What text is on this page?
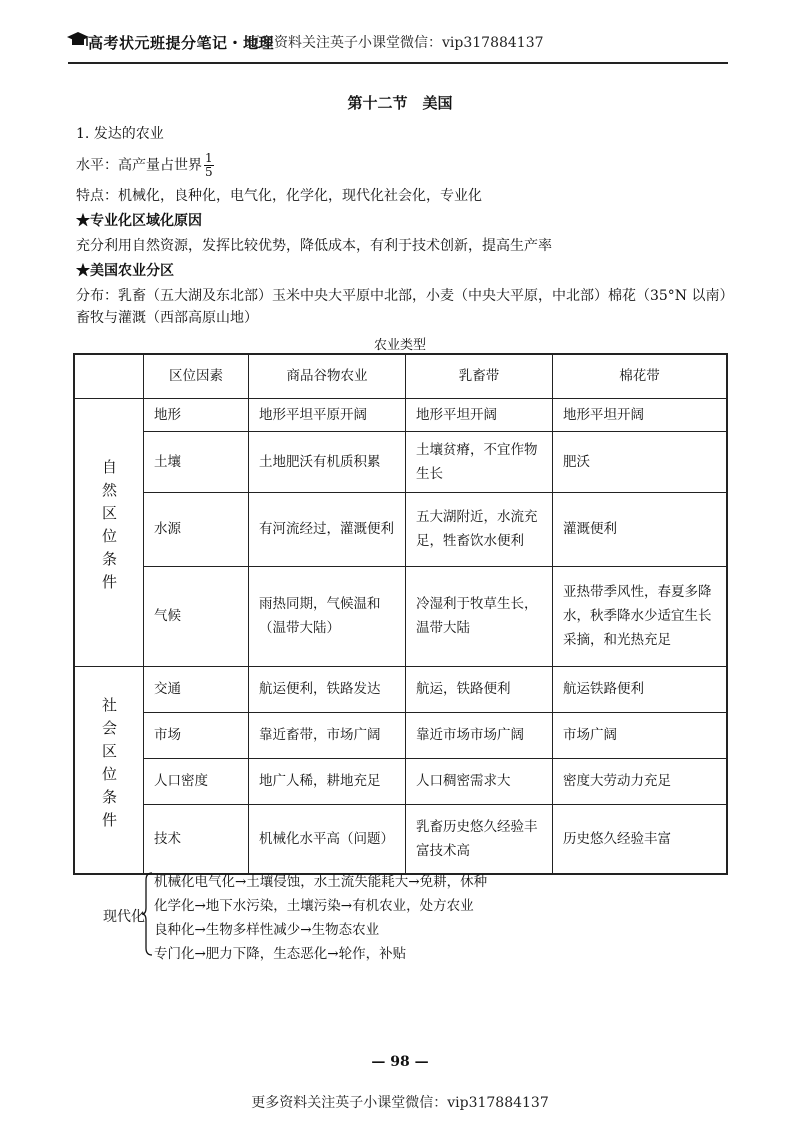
高考状元班提分笔记・地理
更多资料关注英子小课堂微信：vip317884137
第十二节　美国
1. 发达的农业
水平：高产量占世界 $\frac{1}{5}$
特点：机械化，良种化，电气化，化学化，现代化社会化，专业化
★专业化区域化原因
充分利用自然资源，发挥比较优势，降低成本，有利于技术创新，提高生产率
★美国农业分区
分布：乳畜（五大湖及东北部）玉米中央大平原中北部，小麦（中央大平原，中北部）棉花（35°N 以南）
畜牧与灌溉（西部高原山地）
农业类型
	区位因素	商品谷物农业	乳畜带	棉花带
自然区位条件	地形	地形平坦平原开阔	地形平坦开阔	地形平坦开阔
	土壤	土地肥沃有机质积累	土壤贫瘠，不宜作物生长	肥沃
	水源	有河流经过，灌溉便利	五大湖附近，水流充足，牲畜饮水便利	灌溉便利
	气候	雨热同期，气候温和（温带大陆）	冷湿利于牧草生长，温带大陆	亚热带季风性，春夏多降水，秋季降水少适宜生长采摘，和光热充足
社会区位条件	交通	航运便利，铁路发达	航运，铁路便利	航运铁路便利
	市场	靠近畜带，市场广阔	靠近市场市场广阔	市场广阔
	人口密度	地广人稀，耕地充足	人口稠密需求大	密度大劳动力充足
	技术	机械化水平高（问题）	乳畜历史悠久经验丰富技术高	历史悠久经验丰富
现代化
机械化电气化→土壤侵蚀，水土流失能耗大→免耕，休种
化学化→地下水污染，土壤污染→有机农业，处方农业
良种化→生物多样性减少→生物态农业
专门化→肥力下降，生态恶化→轮作，补贴
— 98 —
更多资料关注英子小课堂微信：vip317884137
